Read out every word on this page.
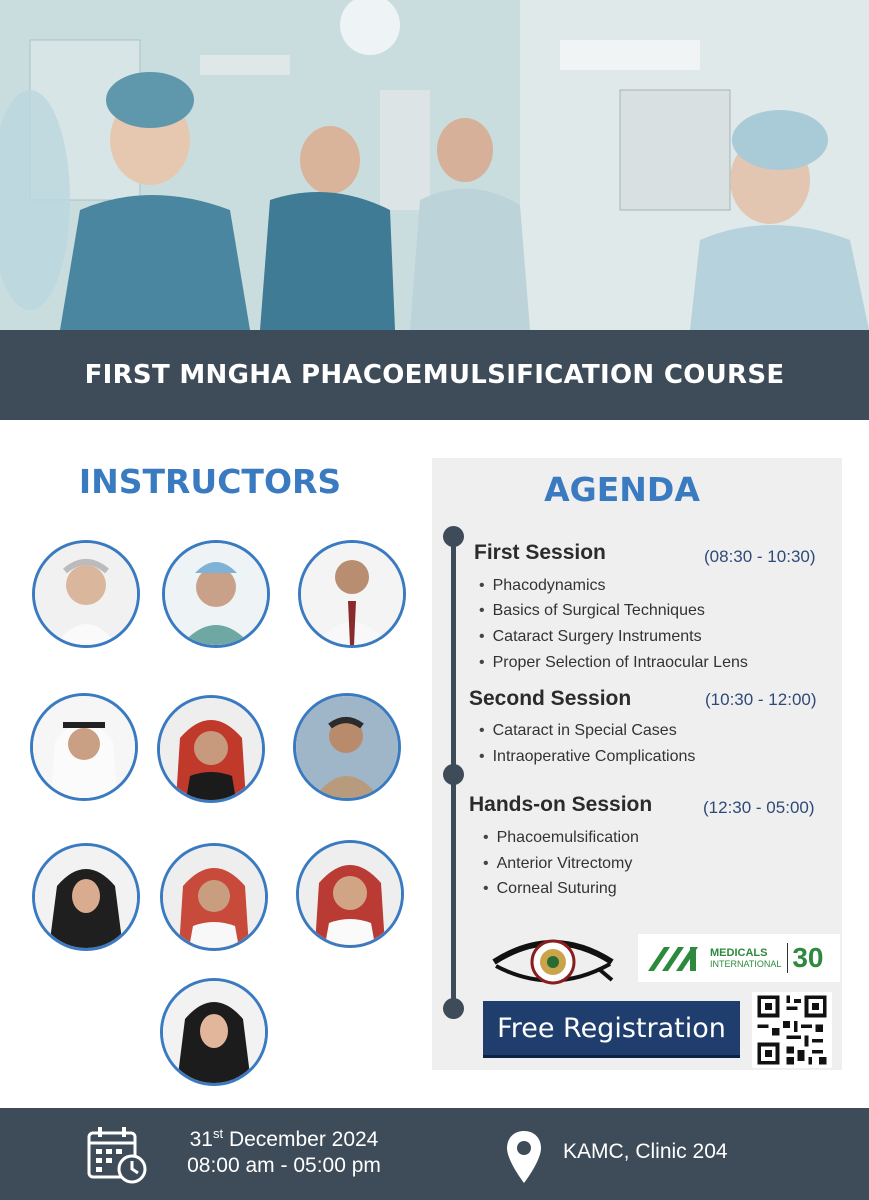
FIRST MNGHA PHACOEMULSIFICATION COURSE
INSTRUCTORS	AGENDA

First Session	(08:30 - 10:30)
• Phacodynamics
• Basics of Surgical Techniques
• Cataract Surgery Instruments
• Proper Selection of Intraocular Lens

Second Session	(10:30 - 12:00)
• Cataract in Special Cases
• Intraoperative Complications

Hands-on Session	(12:30 - 05:00)
• Phacoemulsification
• Anterior Vitrectomy
• Corneal Suturing
MEDICALS
INTERNATIONAL 30
Free Registration
31st December 2024
08:00 am - 05:00 pm
KAMC, Clinic 204
